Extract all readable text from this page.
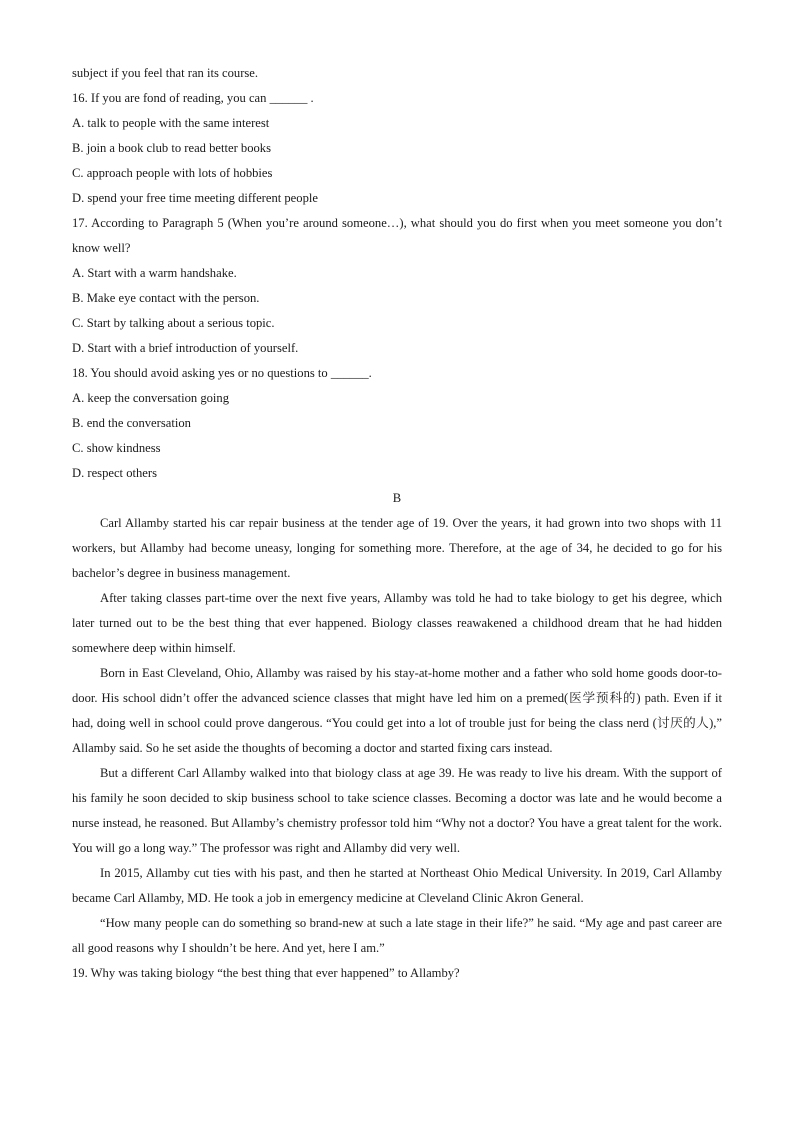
subject if you feel that ran its course.
16. If you are fond of reading, you can ______ .
A. talk to people with the same interest
B. join a book club to read better books
C. approach people with lots of hobbies
D. spend your free time meeting different people
17. According to Paragraph 5 (When you’re around someone…), what should you do first when you meet someone you don’t know well?
A. Start with a warm handshake.
B. Make eye contact with the person.
C. Start by talking about a serious topic.
D. Start with a brief introduction of yourself.
18. You should avoid asking yes or no questions to ______.
A. keep the conversation going
B. end the conversation
C. show kindness
D. respect others
B
Carl Allamby started his car repair business at the tender age of 19. Over the years, it had grown into two shops with 11 workers, but Allamby had become uneasy, longing for something more. Therefore, at the age of 34, he decided to go for his bachelor’s degree in business management.
After taking classes part-time over the next five years, Allamby was told he had to take biology to get his degree, which later turned out to be the best thing that ever happened. Biology classes reawakened a childhood dream that he had hidden somewhere deep within himself.
Born in East Cleveland, Ohio, Allamby was raised by his stay-at-home mother and a father who sold home goods door-to-door. His school didn’t offer the advanced science classes that might have led him on a premed(医学预科的) path. Even if it had, doing well in school could prove dangerous. “You could get into a lot of trouble just for being the class nerd (讨厌的人),” Allamby said. So he set aside the thoughts of becoming a doctor and started fixing cars instead.
But a different Carl Allamby walked into that biology class at age 39. He was ready to live his dream. With the support of his family he soon decided to skip business school to take science classes. Becoming a doctor was late and he would become a nurse instead, he reasoned. But Allamby’s chemistry professor told him “Why not a doctor? You have a great talent for the work. You will go a long way.” The professor was right and Allamby did very well.
In 2015, Allamby cut ties with his past, and then he started at Northeast Ohio Medical University. In 2019, Carl Allamby became Carl Allamby, MD. He took a job in emergency medicine at Cleveland Clinic Akron General.
“How many people can do something so brand-new at such a late stage in their life?” he said. “My age and past career are all good reasons why I shouldn’t be here. And yet, here I am.”
19. Why was taking biology “the best thing that ever happened” to Allamby?
